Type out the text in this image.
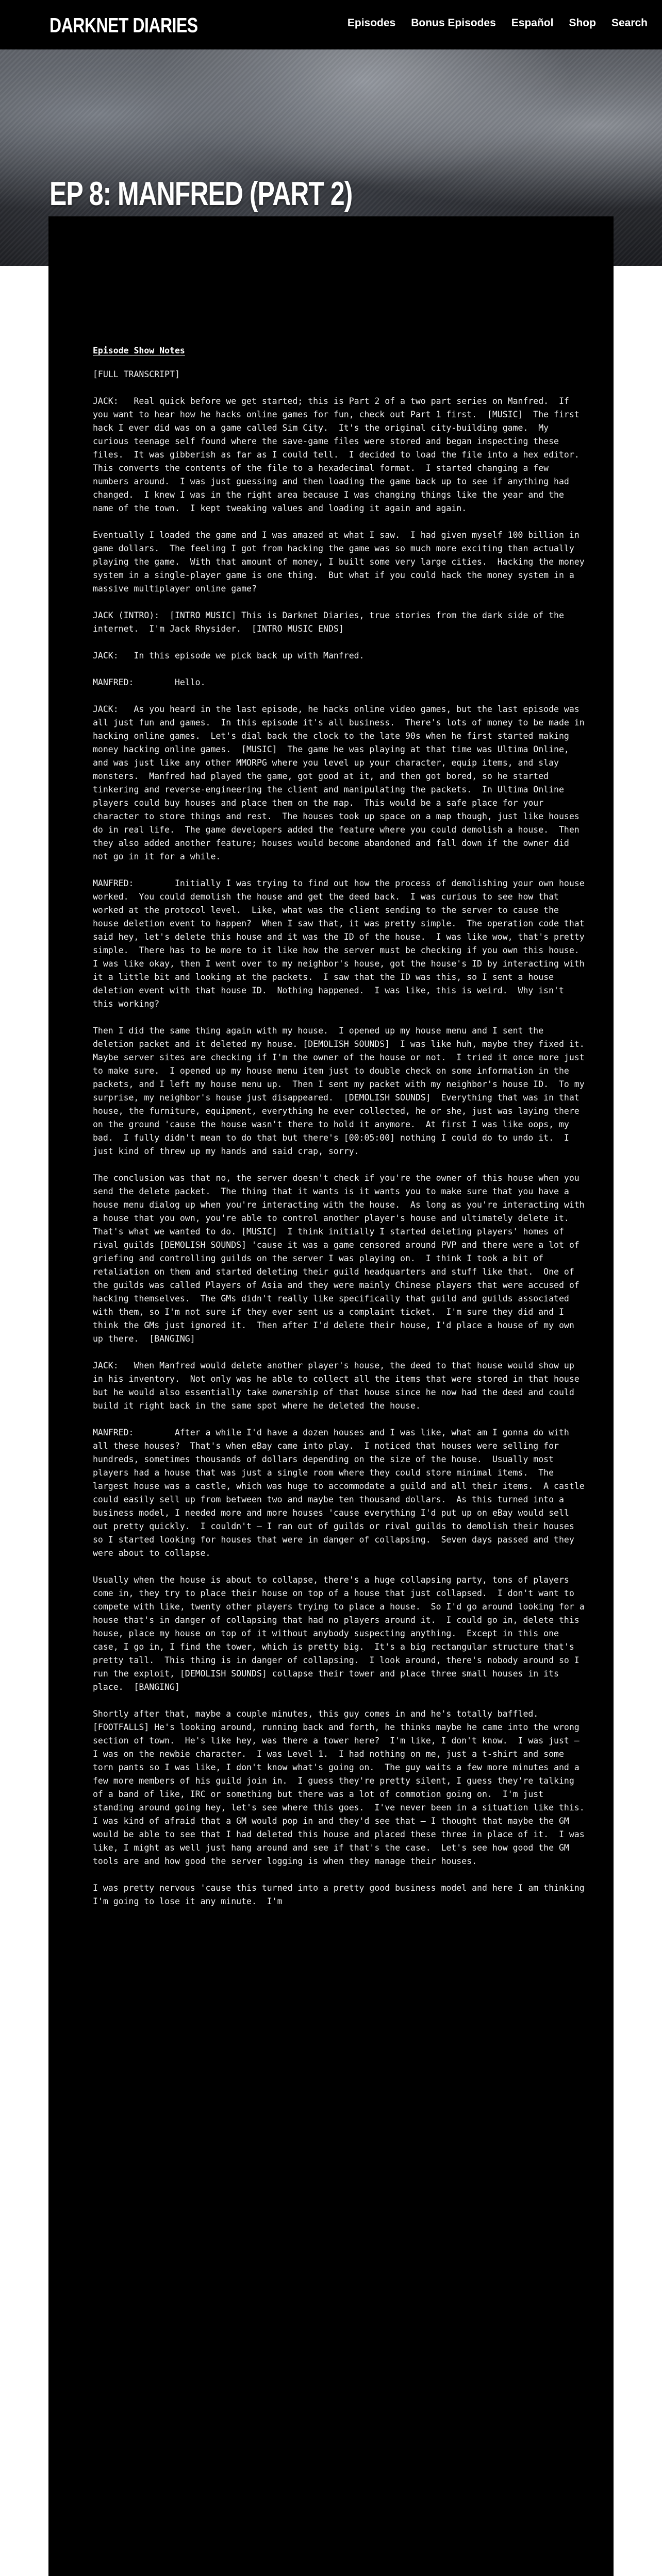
DARKNET DIARIES	Episodes Bonus Episodes Español Shop Search
EP 8: MANFRED (PART 2)
Episode Show Notes

[FULL TRANSCRIPT]

JACK:   Real quick before we get started; this is Part 2 of a two part series on Manfred.  If you want to hear how he hacks online games for fun, check out Part 1 first.  [MUSIC]  The first hack I ever did was on a game called Sim City.  It's the original city-building game.  My curious teenage self found where the save-game files were stored and began inspecting these files.  It was gibberish as far as I could tell.  I decided to load the file into a hex editor.  This converts the contents of the file to a hexadecimal format.  I started changing a few numbers around.  I was just guessing and then loading the game back up to see if anything had changed.  I knew I was in the right area because I was changing things like the year and the name of the town.  I kept tweaking values and loading it again and again.

Eventually I loaded the game and I was amazed at what I saw.  I had given myself 100 billion in game dollars.  The feeling I got from hacking the game was so much more exciting than actually playing the game.  With that amount of money, I built some very large cities.  Hacking the money system in a single-player game is one thing.  But what if you could hack the money system in a massive multiplayer online game?

JACK (INTRO):  [INTRO MUSIC] This is Darknet Diaries, true stories from the dark side of the internet.  I'm Jack Rhysider.  [INTRO MUSIC ENDS]

JACK:   In this episode we pick back up with Manfred.

MANFRED:        Hello.

JACK:   As you heard in the last episode, he hacks online video games, but the last episode was all just fun and games.  In this episode it's all business.  There's lots of money to be made in hacking online games.  Let's dial back the clock to the late 90s when he first started making money hacking online games.  [MUSIC]  The game he was playing at that time was Ultima Online, and was just like any other MMORPG where you level up your character, equip items, and slay monsters.  Manfred had played the game, got good at it, and then got bored, so he started tinkering and reverse-engineering the client and manipulating the packets.  In Ultima Online players could buy houses and place them on the map.  This would be a safe place for your character to store things and rest.  The houses took up space on a map though, just like houses do in real life.  The game developers added the feature where you could demolish a house.  Then they also added another feature; houses would become abandoned and fall down if the owner did not go in it for a while.

MANFRED:        Initially I was trying to find out how the process of demolishing your own house worked.  You could demolish the house and get the deed back.  I was curious to see how that worked at the protocol level.  Like, what was the client sending to the server to cause the house deletion event to happen?  When I saw that, it was pretty simple.  The operation code that said hey, let's delete this house and it was the ID of the house.  I was like wow, that's pretty simple.  There has to be more to it like how the server must be checking if you own this house.  I was like okay, then I went over to my neighbor's house, got the house's ID by interacting with it a little bit and looking at the packets.  I saw that the ID was this, so I sent a house deletion event with that house ID.  Nothing happened.  I was like, this is weird.  Why isn't this working?

Then I did the same thing again with my house.  I opened up my house menu and I sent the deletion packet and it deleted my house. [DEMOLISH SOUNDS]  I was like huh, maybe they fixed it.  Maybe server sites are checking if I'm the owner of the house or not.  I tried it once more just to make sure.  I opened up my house menu item just to double check on some information in the packets, and I left my house menu up.  Then I sent my packet with my neighbor's house ID.  To my surprise, my neighbor's house just disappeared.  [DEMOLISH SOUNDS]  Everything that was in that house, the furniture, equipment, everything he ever collected, he or she, just was laying there on the ground 'cause the house wasn't there to hold it anymore.  At first I was like oops, my bad.  I fully didn't mean to do that but there's [00:05:00] nothing I could do to undo it.  I just kind of threw up my hands and said crap, sorry.

The conclusion was that no, the server doesn't check if you're the owner of this house when you send the delete packet.  The thing that it wants is it wants you to make sure that you have a house menu dialog up when you're interacting with the house.  As long as you're interacting with a house that you own, you're able to control another player's house and ultimately delete it.  That's what we wanted to do. [MUSIC]  I think initially I started deleting players' homes of rival guilds [DEMOLISH SOUNDS] 'cause it was a game censored around PVP and there were a lot of griefing and controlling guilds on the server I was playing on.  I think I took a bit of retaliation on them and started deleting their guild headquarters and stuff like that.  One of the guilds was called Players of Asia and they were mainly Chinese players that were accused of hacking themselves.  The GMs didn't really like specifically that guild and guilds associated with them, so I'm not sure if they ever sent us a complaint ticket.  I'm sure they did and I think the GMs just ignored it.  Then after I'd delete their house, I'd place a house of my own up there.  [BANGING]

JACK:   When Manfred would delete another player's house, the deed to that house would show up in his inventory.  Not only was he able to collect all the items that were stored in that house but he would also essentially take ownership of that house since he now had the deed and could build it right back in the same spot where he deleted the house.

MANFRED:        After a while I'd have a dozen houses and I was like, what am I gonna do with all these houses?  That's when eBay came into play.  I noticed that houses were selling for hundreds, sometimes thousands of dollars depending on the size of the house.  Usually most players had a house that was just a single room where they could store minimal items.  The largest house was a castle, which was huge to accommodate a guild and all their items.  A castle could easily sell up from between two and maybe ten thousand dollars.  As this turned into a business model, I needed more and more houses 'cause everything I'd put up on eBay would sell out pretty quickly.  I couldn't — I ran out of guilds or rival guilds to demolish their houses so I started looking for houses that were in danger of collapsing.  Seven days passed and they were about to collapse.

Usually when the house is about to collapse, there's a huge collapsing party, tons of players come in, they try to place their house on top of a house that just collapsed.  I don't want to compete with like, twenty other players trying to place a house.  So I'd go around looking for a house that's in danger of collapsing that had no players around it.  I could go in, delete this house, place my house on top of it without anybody suspecting anything.  Except in this one case, I go in, I find the tower, which is pretty big.  It's a big rectangular structure that's pretty tall.  This thing is in danger of collapsing.  I look around, there's nobody around so I run the exploit, [DEMOLISH SOUNDS] collapse their tower and place three small houses in its place.  [BANGING]

Shortly after that, maybe a couple minutes, this guy comes in and he's totally baffled.  [FOOTFALLS] He's looking around, running back and forth, he thinks maybe he came into the wrong section of town.  He's like hey, was there a tower here?  I'm like, I don't know.  I was just — I was on the newbie character.  I was Level 1.  I had nothing on me, just a t-shirt and some torn pants so I was like, I don't know what's going on.  The guy waits a few more minutes and a few more members of his guild join in.  I guess they're pretty silent, I guess they're talking of a band of like, IRC or something but there was a lot of commotion going on.  I'm just standing around going hey, let's see where this goes.  I've never been in a situation like this.  I was kind of afraid that a GM would pop in and they'd see that — I thought that maybe the GM would be able to see that I had deleted this house and placed these three in place of it.  I was like, I might as well just hang around and see if that's the case.  Let's see how good the GM tools are and how good the server logging is when they manage their houses.

I was pretty nervous 'cause this turned into a pretty good business model and here I am thinking I'm going to lose it any minute.  I'm
